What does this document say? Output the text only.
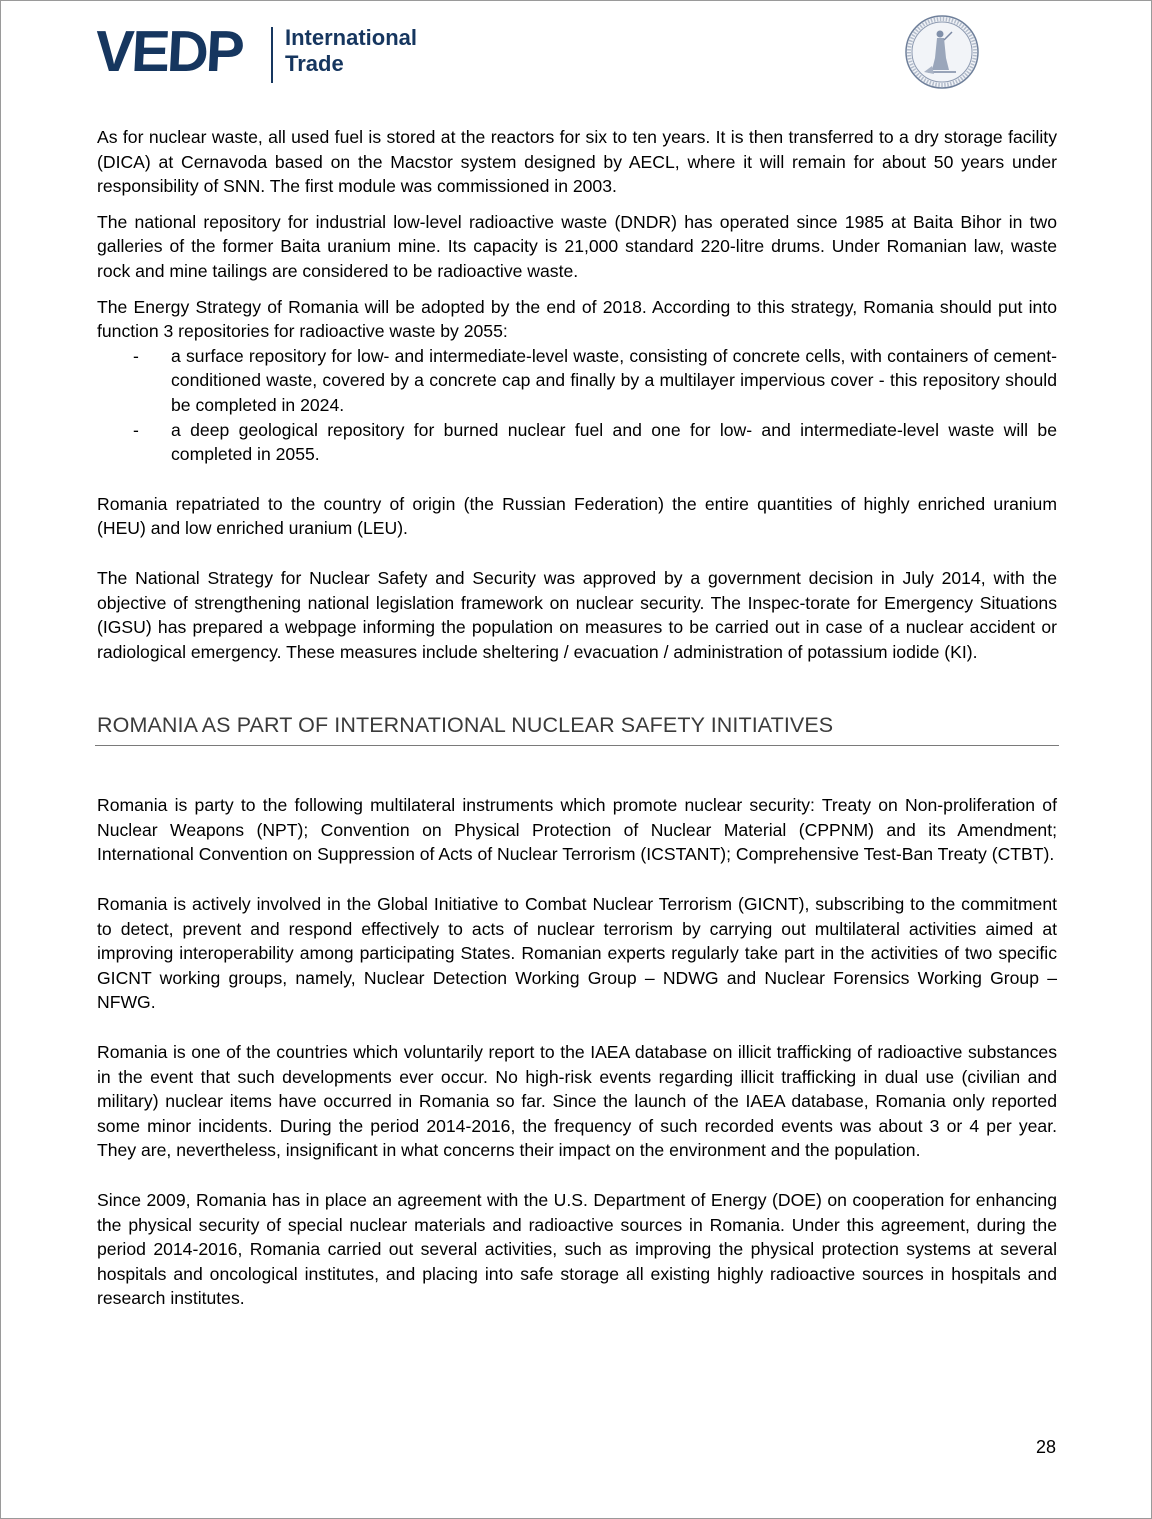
VEDP International
Trade

As for nuclear waste, all used fuel is stored at the reactors for six to ten years. It is then transferred to a dry storage facility (DICA) at Cernavoda based on the Macstor system designed by AECL, where it will remain for about 50 years under responsibility of SNN. The first module was commissioned in 2003.

The national repository for industrial low-level radioactive waste (DNDR) has operated since 1985 at Baita Bihor in two galleries of the former Baita uranium mine. Its capacity is 21,000 standard 220-litre drums. Under Romanian law, waste rock and mine tailings are considered to be radioactive waste.

The Energy Strategy of Romania will be adopted by the end of 2018. According to this strategy, Romania should put into function 3 repositories for radioactive waste by 2055:

- a surface repository for low- and intermediate-level waste, consisting of concrete cells, with containers of cement-conditioned waste, covered by a concrete cap and finally by a multilayer impervious cover - this repository should be completed in 2024.
- a deep geological repository for burned nuclear fuel and one for low- and intermediate-level waste will be completed in 2055.

Romania repatriated to the country of origin (the Russian Federation) the entire quantities of highly enriched uranium (HEU) and low enriched uranium (LEU).

The National Strategy for Nuclear Safety and Security was approved by a government decision in July 2014, with the objective of strengthening national legislation framework on nuclear security. The Inspec-torate for Emergency Situations (IGSU) has prepared a webpage informing the population on measures to be carried out in case of a nuclear accident or radiological emergency. These measures include sheltering / evacuation / administration of potassium iodide (KI).

ROMANIA AS PART OF INTERNATIONAL NUCLEAR SAFETY INITIATIVES

Romania is party to the following multilateral instruments which promote nuclear security: Treaty on Non-proliferation of Nuclear Weapons (NPT); Convention on Physical Protection of Nuclear Material (CPPNM) and its Amendment; International Convention on Suppression of Acts of Nuclear Terrorism (ICSTANT); Comprehensive Test-Ban Treaty (CTBT).

Romania is actively involved in the Global Initiative to Combat Nuclear Terrorism (GICNT), subscribing to the commitment to detect, prevent and respond effectively to acts of nuclear terrorism by carrying out multilateral activities aimed at improving interoperability among participating States. Romanian experts regularly take part in the activities of two specific GICNT working groups, namely, Nuclear Detection Working Group – NDWG and Nuclear Forensics Working Group – NFWG.

Romania is one of the countries which voluntarily report to the IAEA database on illicit trafficking of radioactive substances in the event that such developments ever occur. No high-risk events regarding illicit trafficking in dual use (civilian and military) nuclear items have occurred in Romania so far. Since the launch of the IAEA database, Romania only reported some minor incidents. During the period 2014-2016, the frequency of such recorded events was about 3 or 4 per year. They are, nevertheless, insignificant in what concerns their impact on the environment and the population.

Since 2009, Romania has in place an agreement with the U.S. Department of Energy (DOE) on cooperation for enhancing the physical security of special nuclear materials and radioactive sources in Romania. Under this agreement, during the period 2014-2016, Romania carried out several activities, such as improving the physical protection systems at several hospitals and oncological institutes, and placing into safe storage all existing highly radioactive sources in hospitals and research institutes.

28
